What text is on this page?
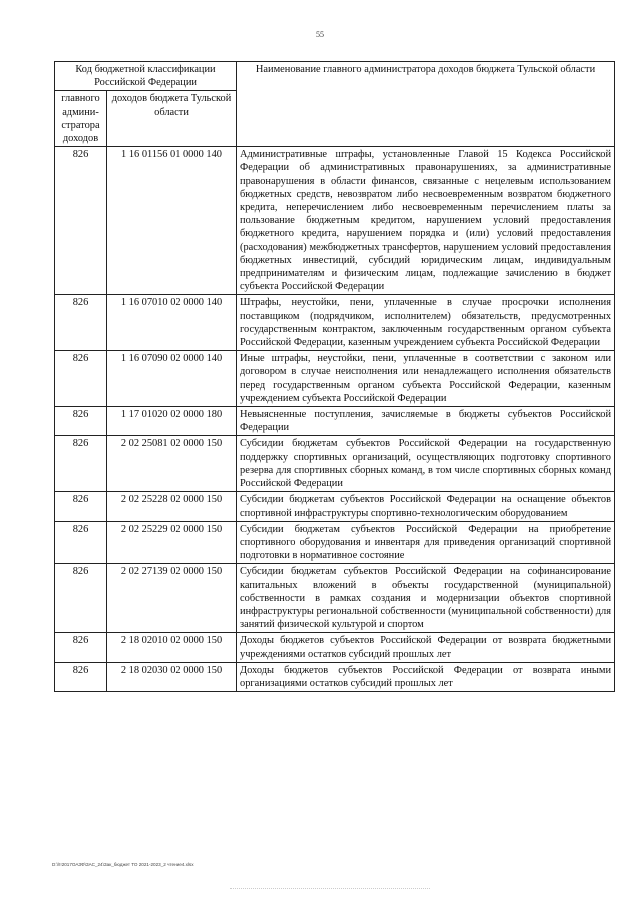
55
Код бюджетной классификации Российской Федерации		Наименование главного администратора доходов бюджета Тульской области
главного админи- стратора доходов	доходов бюджета Тульской области	
826	1 16 01156 01 0000 140	Административные штрафы, установленные Главой 15 Кодекса Российской Федерации об административных правонарушениях, за административные правонарушения в области финансов, связанные с нецелевым использованием бюджетных средств, невозвратом либо несвоевременным возвратом бюджетного кредита, неперечислением либо несвоевременным перечислением платы за пользование бюджетным кредитом, нарушением условий предоставления бюджетного кредита, нарушением порядка и (или) условий предоставления (расходования) межбюджетных трансфертов, нарушением условий предоставления бюджетных инвестиций, субсидий юридическим лицам, индивидуальным предпринимателям и физическим лицам, подлежащие зачислению в бюджет субъекта Российской Федерации
826	1 16 07010 02 0000 140	Штрафы, неустойки, пени, уплаченные в случае просрочки исполнения поставщиком (подрядчиком, исполнителем) обязательств, предусмотренных государственным контрактом, заключенным государственным органом субъекта Российской Федерации, казенным учреждением субъекта Российской Федерации
826	1 16 07090 02 0000 140	Иные штрафы, неустойки, пени, уплаченные в соответствии с законом или договором в случае неисполнения или ненадлежащего исполнения обязательств перед государственным органом субъекта Российской Федерации, казенным учреждением субъекта Российской Федерации
826	1 17 01020 02 0000 180	Невыясненные поступления, зачисляемые в бюджеты субъектов Российской Федерации
826	2 02 25081 02 0000 150	Субсидии бюджетам субъектов Российской Федерации на государственную поддержку спортивных организаций, осуществляющих подготовку спортивного резерва для спортивных сборных команд, в том числе спортивных сборных команд Российской Федерации
826	2 02 25228 02 0000 150	Субсидии бюджетам субъектов Российской Федерации на оснащение объектов спортивной инфраструктуры спортивно-технологическим оборудованием
826	2 02 25229 02 0000 150	Субсидии бюджетам субъектов Российской Федерации на приобретение спортивного оборудования и инвентаря для приведения организаций спортивной подготовки в нормативное состояние
826	2 02 27139 02 0000 150	Субсидии бюджетам субъектов Российской Федерации на софинансирование капитальных вложений в объекты государственной (муниципальной) собственности в рамках создания и модернизации объектов спортивной инфраструктуры региональной собственности (муниципальной собственности) для занятий физической культурой и спортом
826	2 18 02010 02 0000 150	Доходы бюджетов субъектов Российской Федерации от возврата бюджетными учреждениями остатков субсидий прошлых лет
826	2 18 02030 02 0000 150	Доходы бюджетов субъектов Российской Федерации от возврата иными организациями остатков субсидий прошлых лет
D:\\!!2017ОАЗФ\ЗАС_24\Зак_бюджет ТО 2021-2023_2 чтение4.xlsx
